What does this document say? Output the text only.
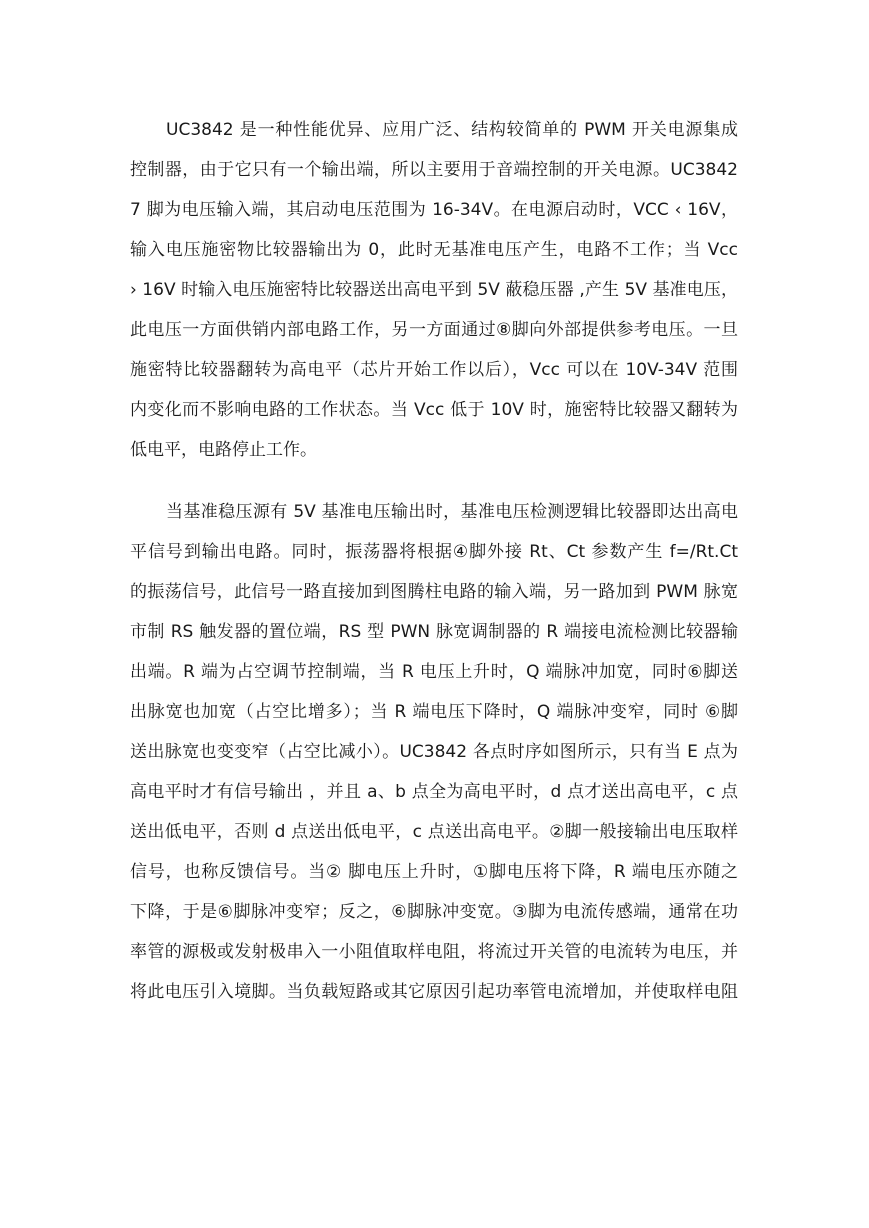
UC3842 是一种性能优异、应用广泛、结构较简单的 PWM 开关电源集成
控制器，由于它只有一个输出端，所以主要用于音端控制的开关电源。UC3842
7 脚为电压输入端，其启动电压范围为 16-34V。在电源启动时，VCC ‹ 16V，
输入电压施密物比较器输出为 0，此时无基准电压产生，电路不工作；当 Vcc
› 16V 时输入电压施密特比较器送出高电平到 5V 蔽稳压器 ,产生 5V 基准电压，
此电压一方面供销内部电路工作，另一方面通过⑧脚向外部提供参考电压。一旦
施密特比较器翻转为高电平（芯片开始工作以后），Vcc 可以在 10V-34V 范围
内变化而不影响电路的工作状态。当 Vcc 低于 10V 时，施密特比较器又翻转为
低电平，电路停止工作。
当基准稳压源有 5V 基准电压输出时，基准电压检测逻辑比较器即达出高电
平信号到输出电路。同时，振荡器将根据④脚外接 Rt、Ct 参数产生 f=/Rt.Ct
的振荡信号，此信号一路直接加到图腾柱电路的输入端，另一路加到 PWM 脉宽
市制 RS 触发器的置位端，RS 型 PWN 脉宽调制器的 R 端接电流检测比较器输
出端。R 端为占空调节控制端，当 R 电压上升时，Q 端脉冲加宽，同时⑥脚送
出脉宽也加宽（占空比增多）；当 R 端电压下降时，Q 端脉冲变窄，同时 ⑥脚
送出脉宽也变变窄（占空比减小）。UC3842 各点时序如图所示，只有当 E 点为
高电平时才有信号输出 ，并且 a、b 点全为高电平时，d 点才送出高电平，c 点
送出低电平，否则 d 点送出低电平，c 点送出高电平。②脚一般接输出电压取样
信号，也称反馈信号。当② 脚电压上升时，①脚电压将下降，R 端电压亦随之
下降，于是⑥脚脉冲变窄；反之，⑥脚脉冲变宽。③脚为电流传感端，通常在功
率管的源极或发射极串入一小阻值取样电阻，将流过开关管的电流转为电压，并
将此电压引入境脚。当负载短路或其它原因引起功率管电流增加，并使取样电阻
